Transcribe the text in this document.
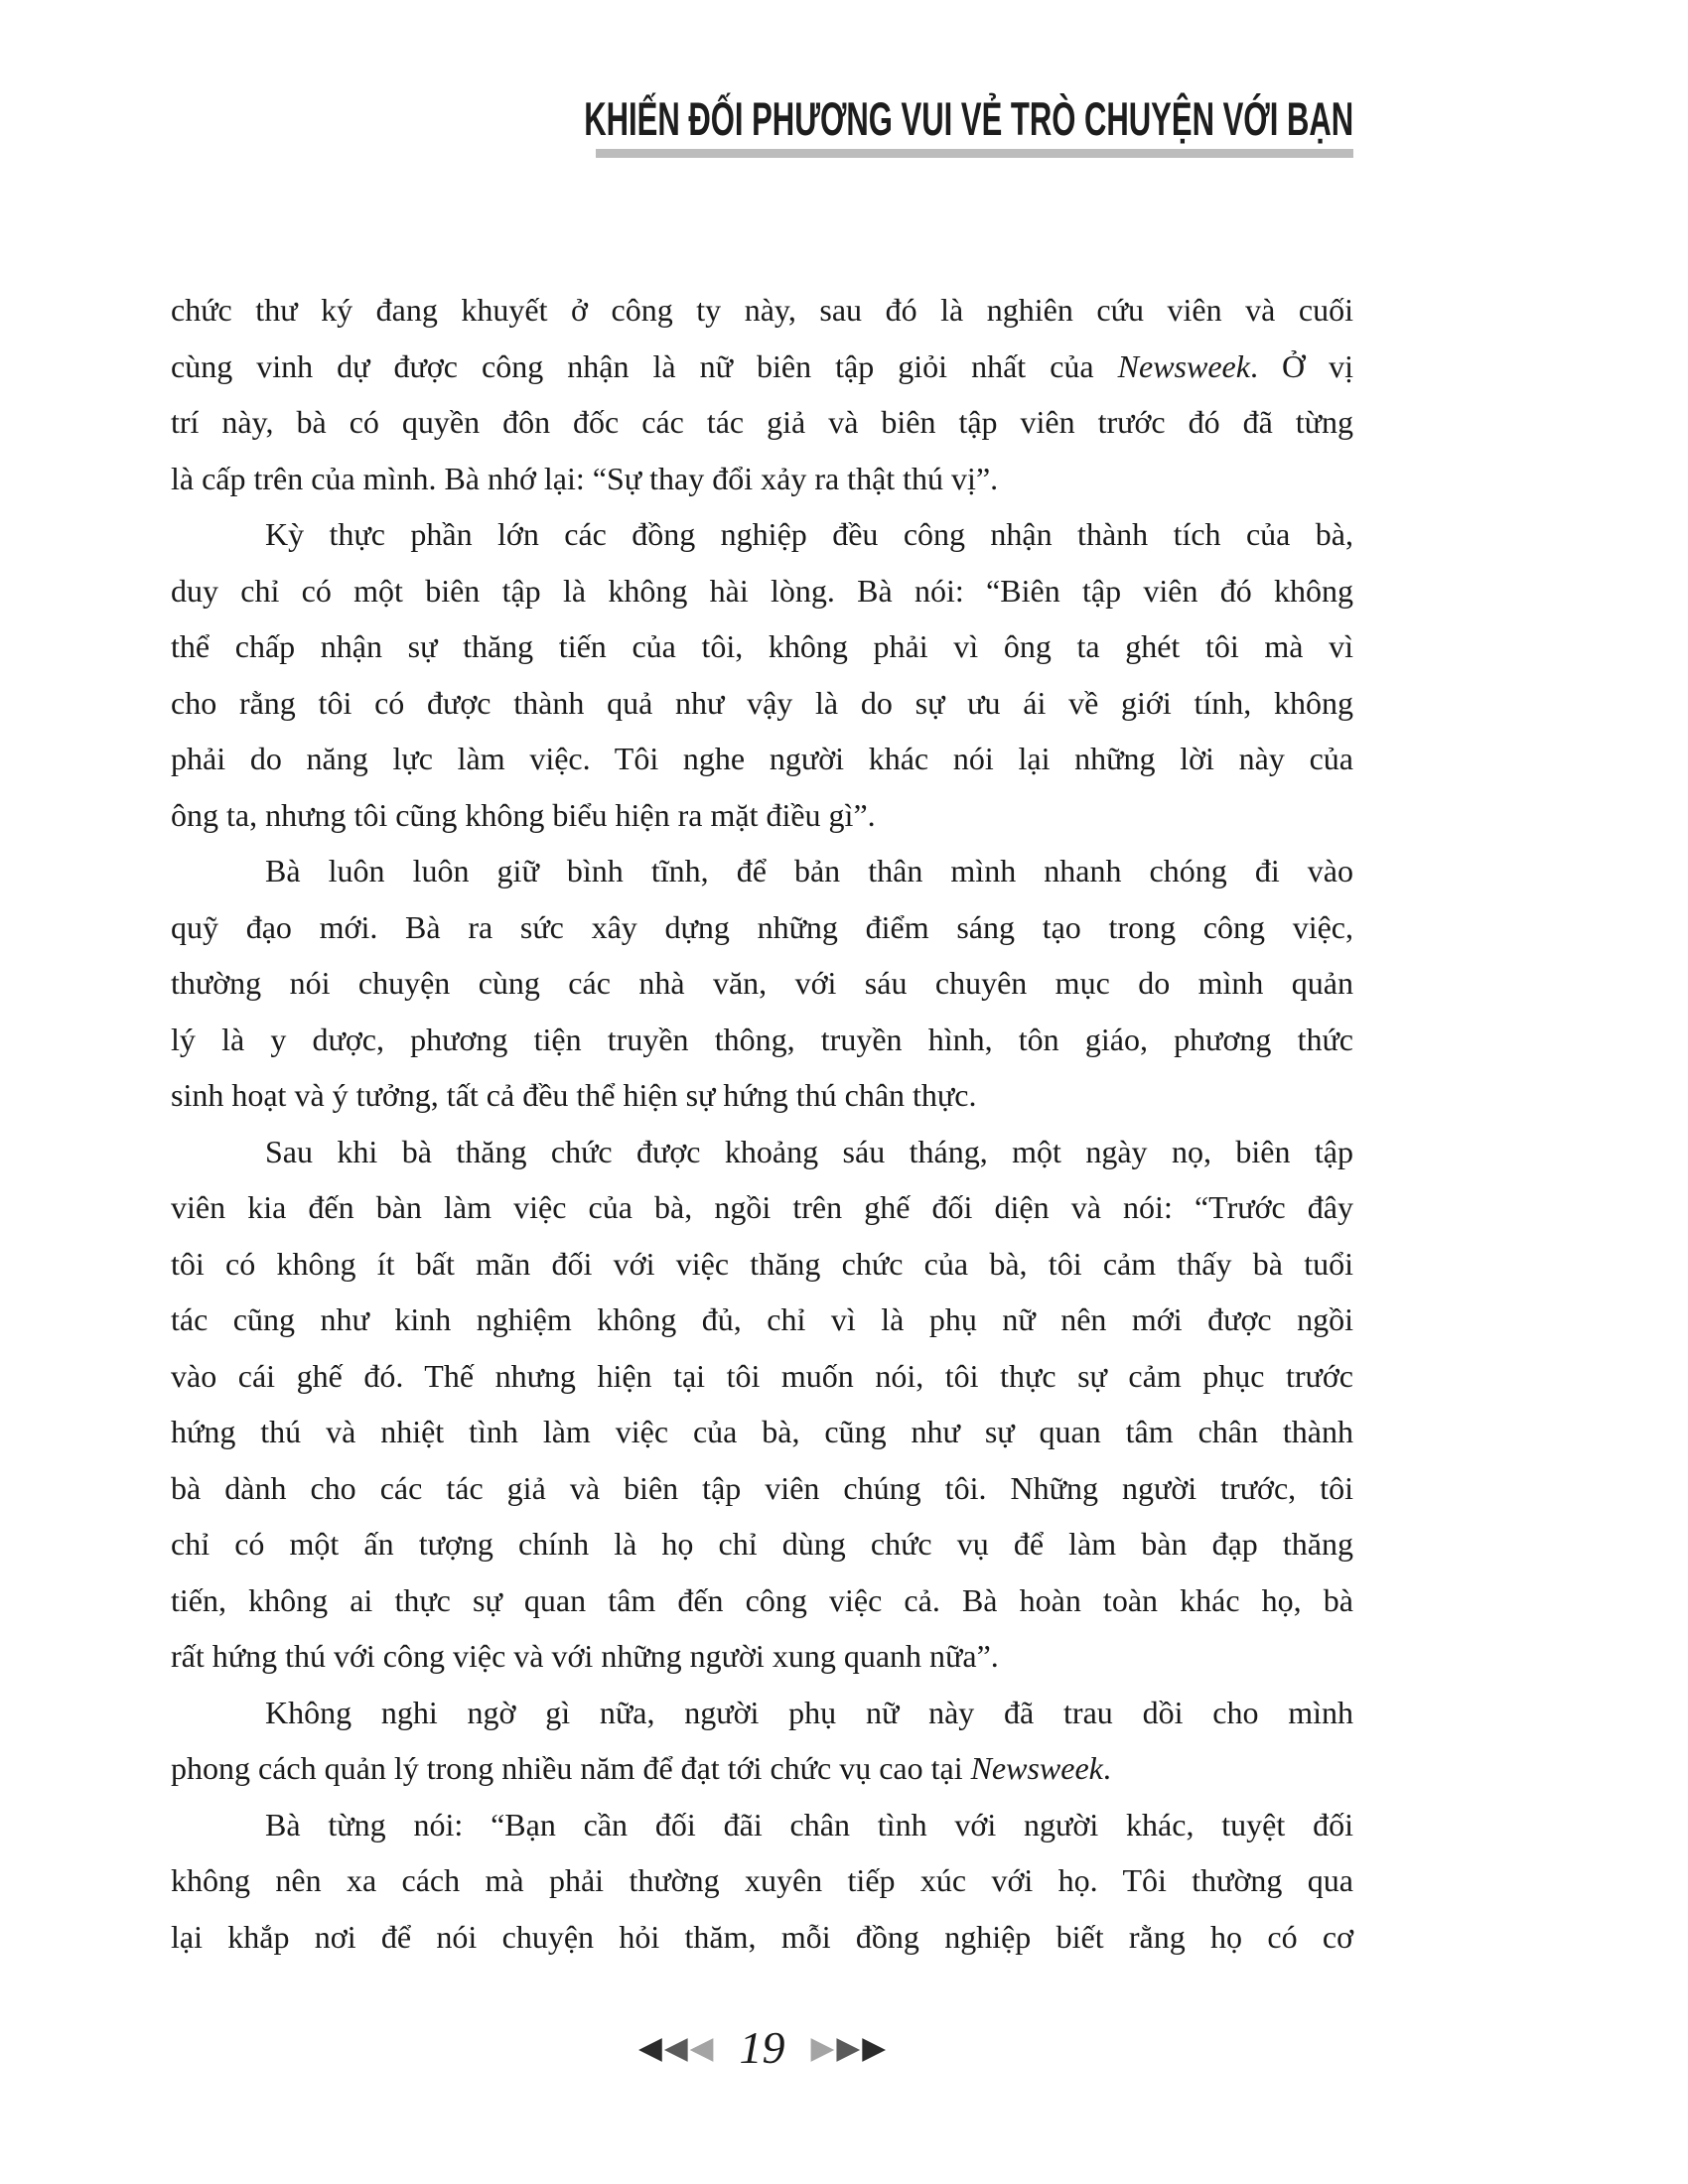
KHIẾN ĐỐI PHƯƠNG VUI VẺ TRÒ CHUYỆN VỚI BẠN
chức thư ký đang khuyết ở công ty này, sau đó là nghiên cứu viên và cuối
cùng vinh dự được công nhận là nữ biên tập giỏi nhất của Newsweek. Ở vị
trí này, bà có quyền đôn đốc các tác giả và biên tập viên trước đó đã từng
là cấp trên của mình. Bà nhớ lại: “Sự thay đổi xảy ra thật thú vị”.
Kỳ thực phần lớn các đồng nghiệp đều công nhận thành tích của bà,
duy chỉ có một biên tập là không hài lòng. Bà nói: “Biên tập viên đó không
thể chấp nhận sự thăng tiến của tôi, không phải vì ông ta ghét tôi mà vì
cho rằng tôi có được thành quả như vậy là do sự ưu ái về giới tính, không
phải do năng lực làm việc. Tôi nghe người khác nói lại những lời này của
ông ta, nhưng tôi cũng không biểu hiện ra mặt điều gì”.
Bà luôn luôn giữ bình tĩnh, để bản thân mình nhanh chóng đi vào
quỹ đạo mới. Bà ra sức xây dựng những điểm sáng tạo trong công việc,
thường nói chuyện cùng các nhà văn, với sáu chuyên mục do mình quản
lý là y dược, phương tiện truyền thông, truyền hình, tôn giáo, phương thức
sinh hoạt và ý tưởng, tất cả đều thể hiện sự hứng thú chân thực.
Sau khi bà thăng chức được khoảng sáu tháng, một ngày nọ, biên tập
viên kia đến bàn làm việc của bà, ngồi trên ghế đối diện và nói: “Trước đây
tôi có không ít bất mãn đối với việc thăng chức của bà, tôi cảm thấy bà tuổi
tác cũng như kinh nghiệm không đủ, chỉ vì là phụ nữ nên mới được ngồi
vào cái ghế đó. Thế nhưng hiện tại tôi muốn nói, tôi thực sự cảm phục trước
hứng thú và nhiệt tình làm việc của bà, cũng như sự quan tâm chân thành
bà dành cho các tác giả và biên tập viên chúng tôi. Những người trước, tôi
chỉ có một ấn tượng chính là họ chỉ dùng chức vụ để làm bàn đạp thăng
tiến, không ai thực sự quan tâm đến công việc cả. Bà hoàn toàn khác họ, bà
rất hứng thú với công việc và với những người xung quanh nữa”.
Không nghi ngờ gì nữa, người phụ nữ này đã trau dồi cho mình
phong cách quản lý trong nhiều năm để đạt tới chức vụ cao tại Newsweek.
Bà từng nói: “Bạn cần đối đãi chân tình với người khác, tuyệt đối
không nên xa cách mà phải thường xuyên tiếp xúc với họ. Tôi thường qua
lại khắp nơi để nói chuyện hỏi thăm, mỗi đồng nghiệp biết rằng họ có cơ
◀ ◀ ◀ 19 ▶ ▶ ▶
